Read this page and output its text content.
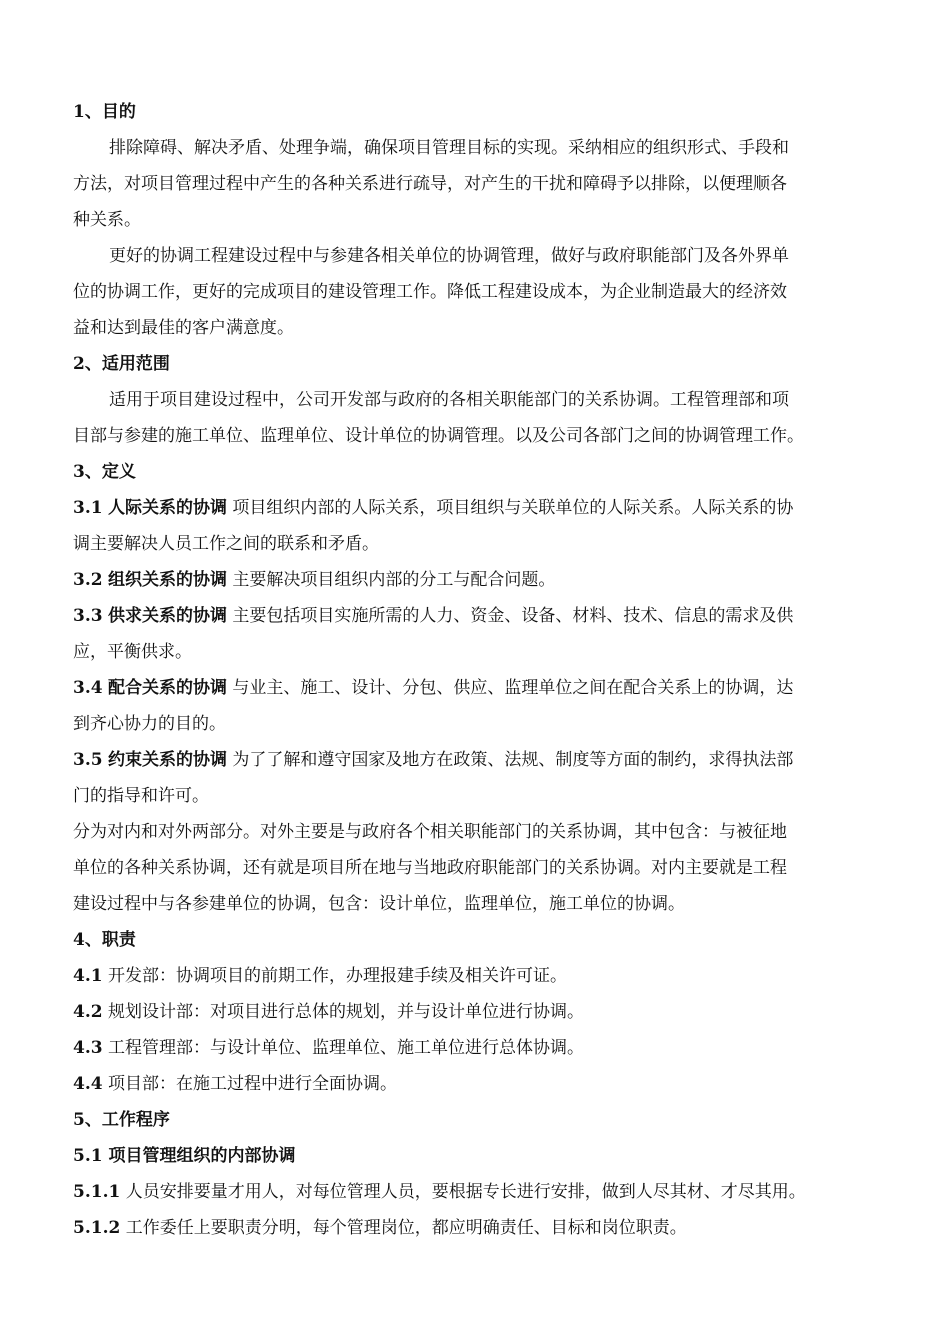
1、目的
排除障碍、解决矛盾、处理争端，确保项目管理目标的实现。采纳相应的组织形式、手段和
方法，对项目管理过程中产生的各种关系进行疏导，对产生的干扰和障碍予以排除，以便理顺各
种关系。
更好的协调工程建设过程中与参建各相关单位的协调管理，做好与政府职能部门及各外界单
位的协调工作，更好的完成项目的建设管理工作。降低工程建设成本，为企业制造最大的经济效
益和达到最佳的客户满意度。
2、适用范围
适用于项目建设过程中，公司开发部与政府的各相关职能部门的关系协调。工程管理部和项
目部与参建的施工单位、监理单位、设计单位的协调管理。以及公司各部门之间的协调管理工作。
3、定义
3.1 人际关系的协调 项目组织内部的人际关系，项目组织与关联单位的人际关系。人际关系的协
调主要解决人员工作之间的联系和矛盾。
3.2 组织关系的协调 主要解决项目组织内部的分工与配合问题。
3.3 供求关系的协调 主要包括项目实施所需的人力、资金、设备、材料、技术、信息的需求及供
应，平衡供求。
3.4 配合关系的协调 与业主、施工、设计、分包、供应、监理单位之间在配合关系上的协调，达
到齐心协力的目的。
3.5 约束关系的协调 为了了解和遵守国家及地方在政策、法规、制度等方面的制约，求得执法部
门的指导和许可。
分为对内和对外两部分。对外主要是与政府各个相关职能部门的关系协调，其中包含：与被征地
单位的各种关系协调，还有就是项目所在地与当地政府职能部门的关系协调。对内主要就是工程
建设过程中与各参建单位的协调，包含：设计单位，监理单位，施工单位的协调。
4、职责
4.1 开发部：协调项目的前期工作，办理报建手续及相关许可证。
4.2 规划设计部：对项目进行总体的规划，并与设计单位进行协调。
4.3 工程管理部：与设计单位、监理单位、施工单位进行总体协调。
4.4 项目部：在施工过程中进行全面协调。
5、工作程序
5.1 项目管理组织的内部协调
5.1.1 人员安排要量才用人，对每位管理人员，要根据专长进行安排，做到人尽其材、才尽其用。
5.1.2 工作委任上要职责分明，每个管理岗位，都应明确责任、目标和岗位职责。
